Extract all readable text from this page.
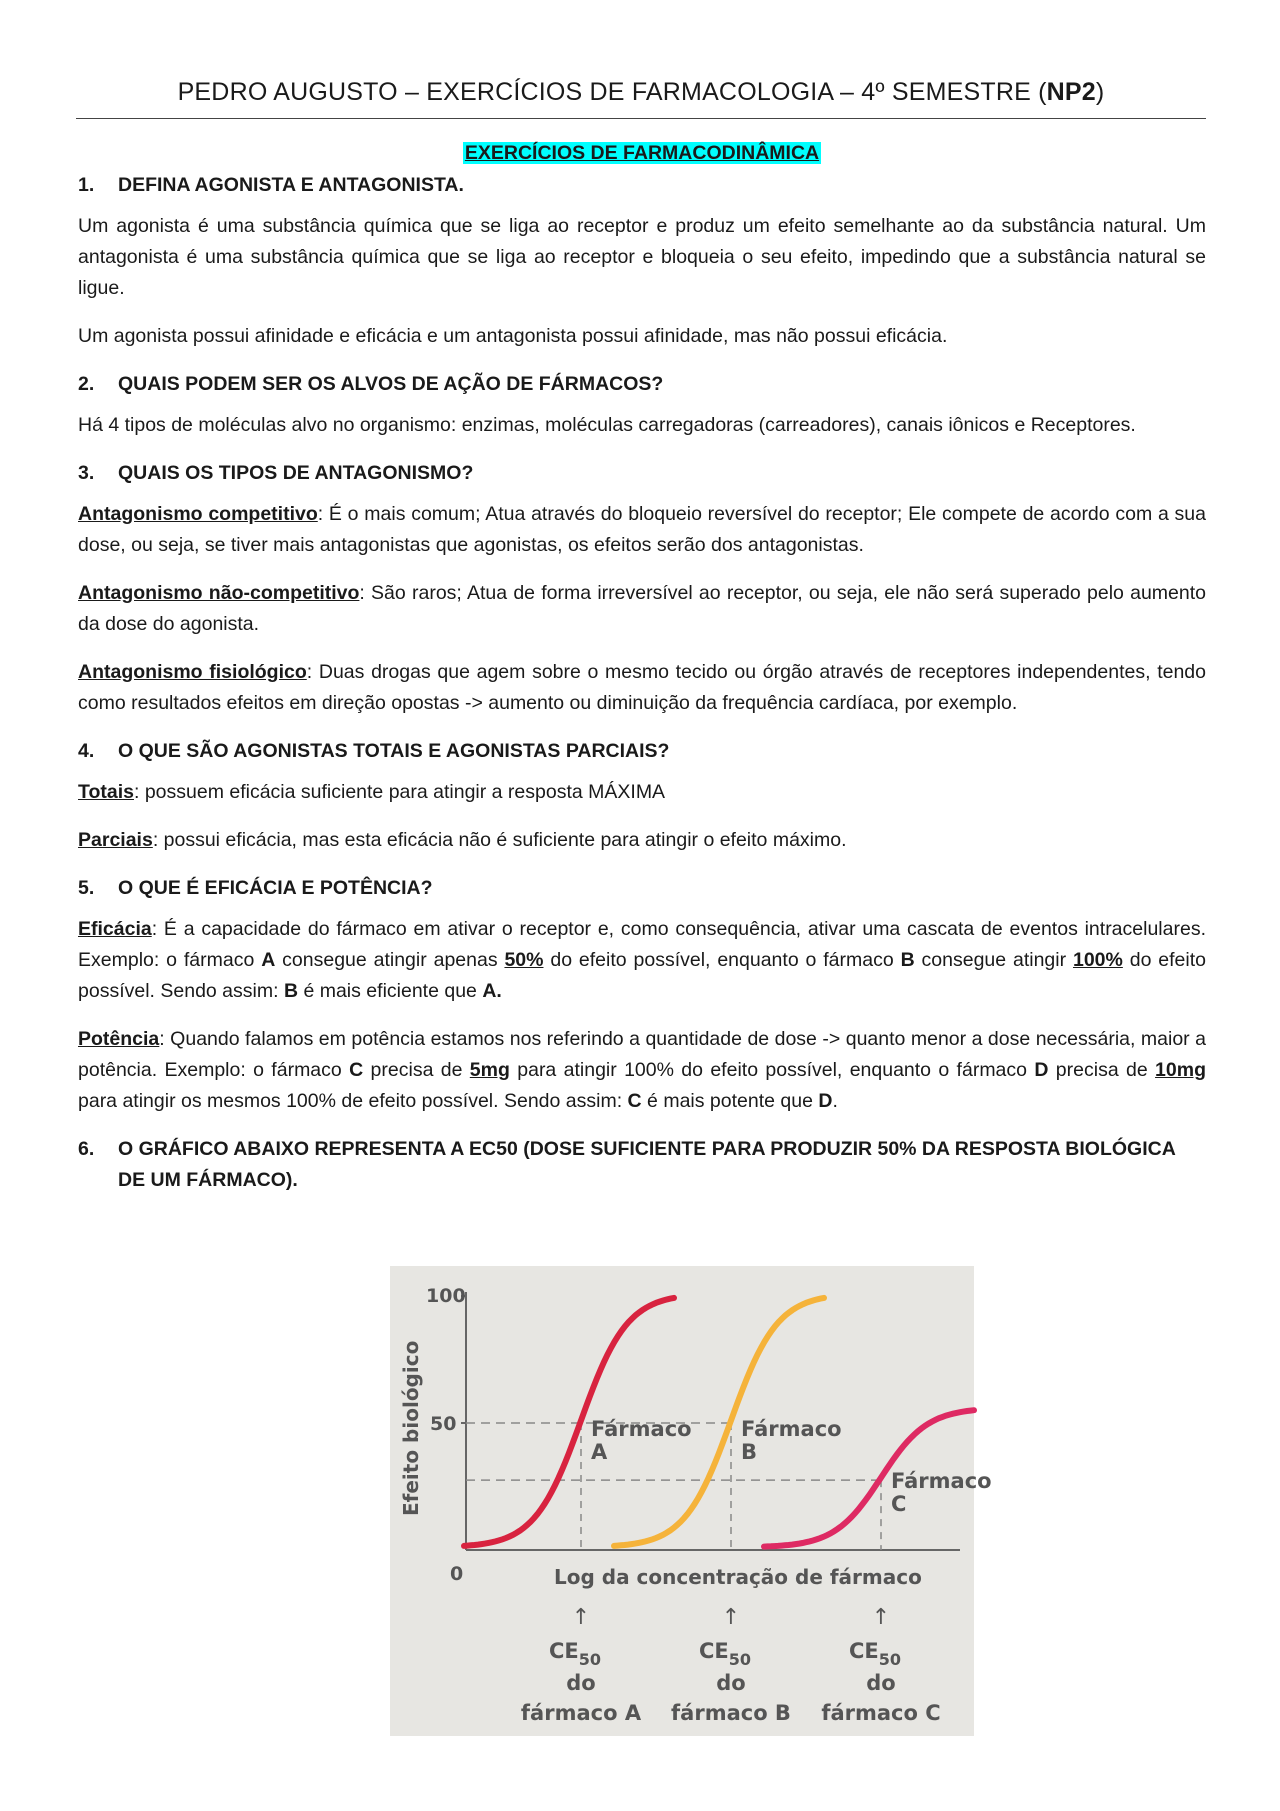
PEDRO AUGUSTO – EXERCÍCIOS DE FARMACOLOGIA – 4º SEMESTRE (NP2)
EXERCÍCIOS DE FARMACODINÂMICA
1.	DEFINA AGONISTA E ANTAGONISTA.

Um agonista é uma substância química que se liga ao receptor e produz um efeito semelhante ao da substância natural. Um antagonista é uma substância química que se liga ao receptor e bloqueia o seu efeito, impedindo que a substância natural se ligue.

Um agonista possui afinidade e eficácia e um antagonista possui afinidade, mas não possui eficácia.

2.	QUAIS PODEM SER OS ALVOS DE AÇÃO DE FÁRMACOS?

Há 4 tipos de moléculas alvo no organismo: enzimas, moléculas carregadoras (carreadores), canais iônicos e Receptores.

3.	QUAIS OS TIPOS DE ANTAGONISMO?

Antagonismo competitivo: É o mais comum; Atua através do bloqueio reversível do receptor; Ele compete de acordo com a sua dose, ou seja, se tiver mais antagonistas que agonistas, os efeitos serão dos antagonistas.

Antagonismo não-competitivo: São raros; Atua de forma irreversível ao receptor, ou seja, ele não será superado pelo aumento da dose do agonista.

Antagonismo fisiológico: Duas drogas que agem sobre o mesmo tecido ou órgão através de receptores independentes, tendo como resultados efeitos em direção opostas -> aumento ou diminuição da frequência cardíaca, por exemplo.

4.	O QUE SÃO AGONISTAS TOTAIS E AGONISTAS PARCIAIS?

Totais: possuem eficácia suficiente para atingir a resposta MÁXIMA

Parciais: possui eficácia, mas esta eficácia não é suficiente para atingir o efeito máximo.

5.	O QUE É EFICÁCIA E POTÊNCIA?

Eficácia: É a capacidade do fármaco em ativar o receptor e, como consequência, ativar uma cascata de eventos intracelulares. Exemplo: o fármaco A consegue atingir apenas 50% do efeito possível, enquanto o fármaco B consegue atingir 100% do efeito possível. Sendo assim: B é mais eficiente que A.

Potência: Quando falamos em potência estamos nos referindo a quantidade de dose -> quanto menor a dose necessária, maior a potência. Exemplo: o fármaco C precisa de 5mg para atingir 100% do efeito possível, enquanto o fármaco D precisa de 10mg para atingir os mesmos 100% de efeito possível. Sendo assim: C é mais potente que D.

6.	O GRÁFICO ABAIXO REPRESENTA A EC50 (DOSE SUFICIENTE PARA PRODUZIR 50% DA RESPOSTA BIOLÓGICA DE UM FÁRMACO).
100
50
0
Efeito biológico
Log da concentração de fármaco
Fármaco
A
Fármaco
B
Fármaco
C
↑
$CE_{50}$
do
fármaco A
↑
$CE_{50}$
do
fármaco B
↑
$CE_{50}$
do
fármaco C
